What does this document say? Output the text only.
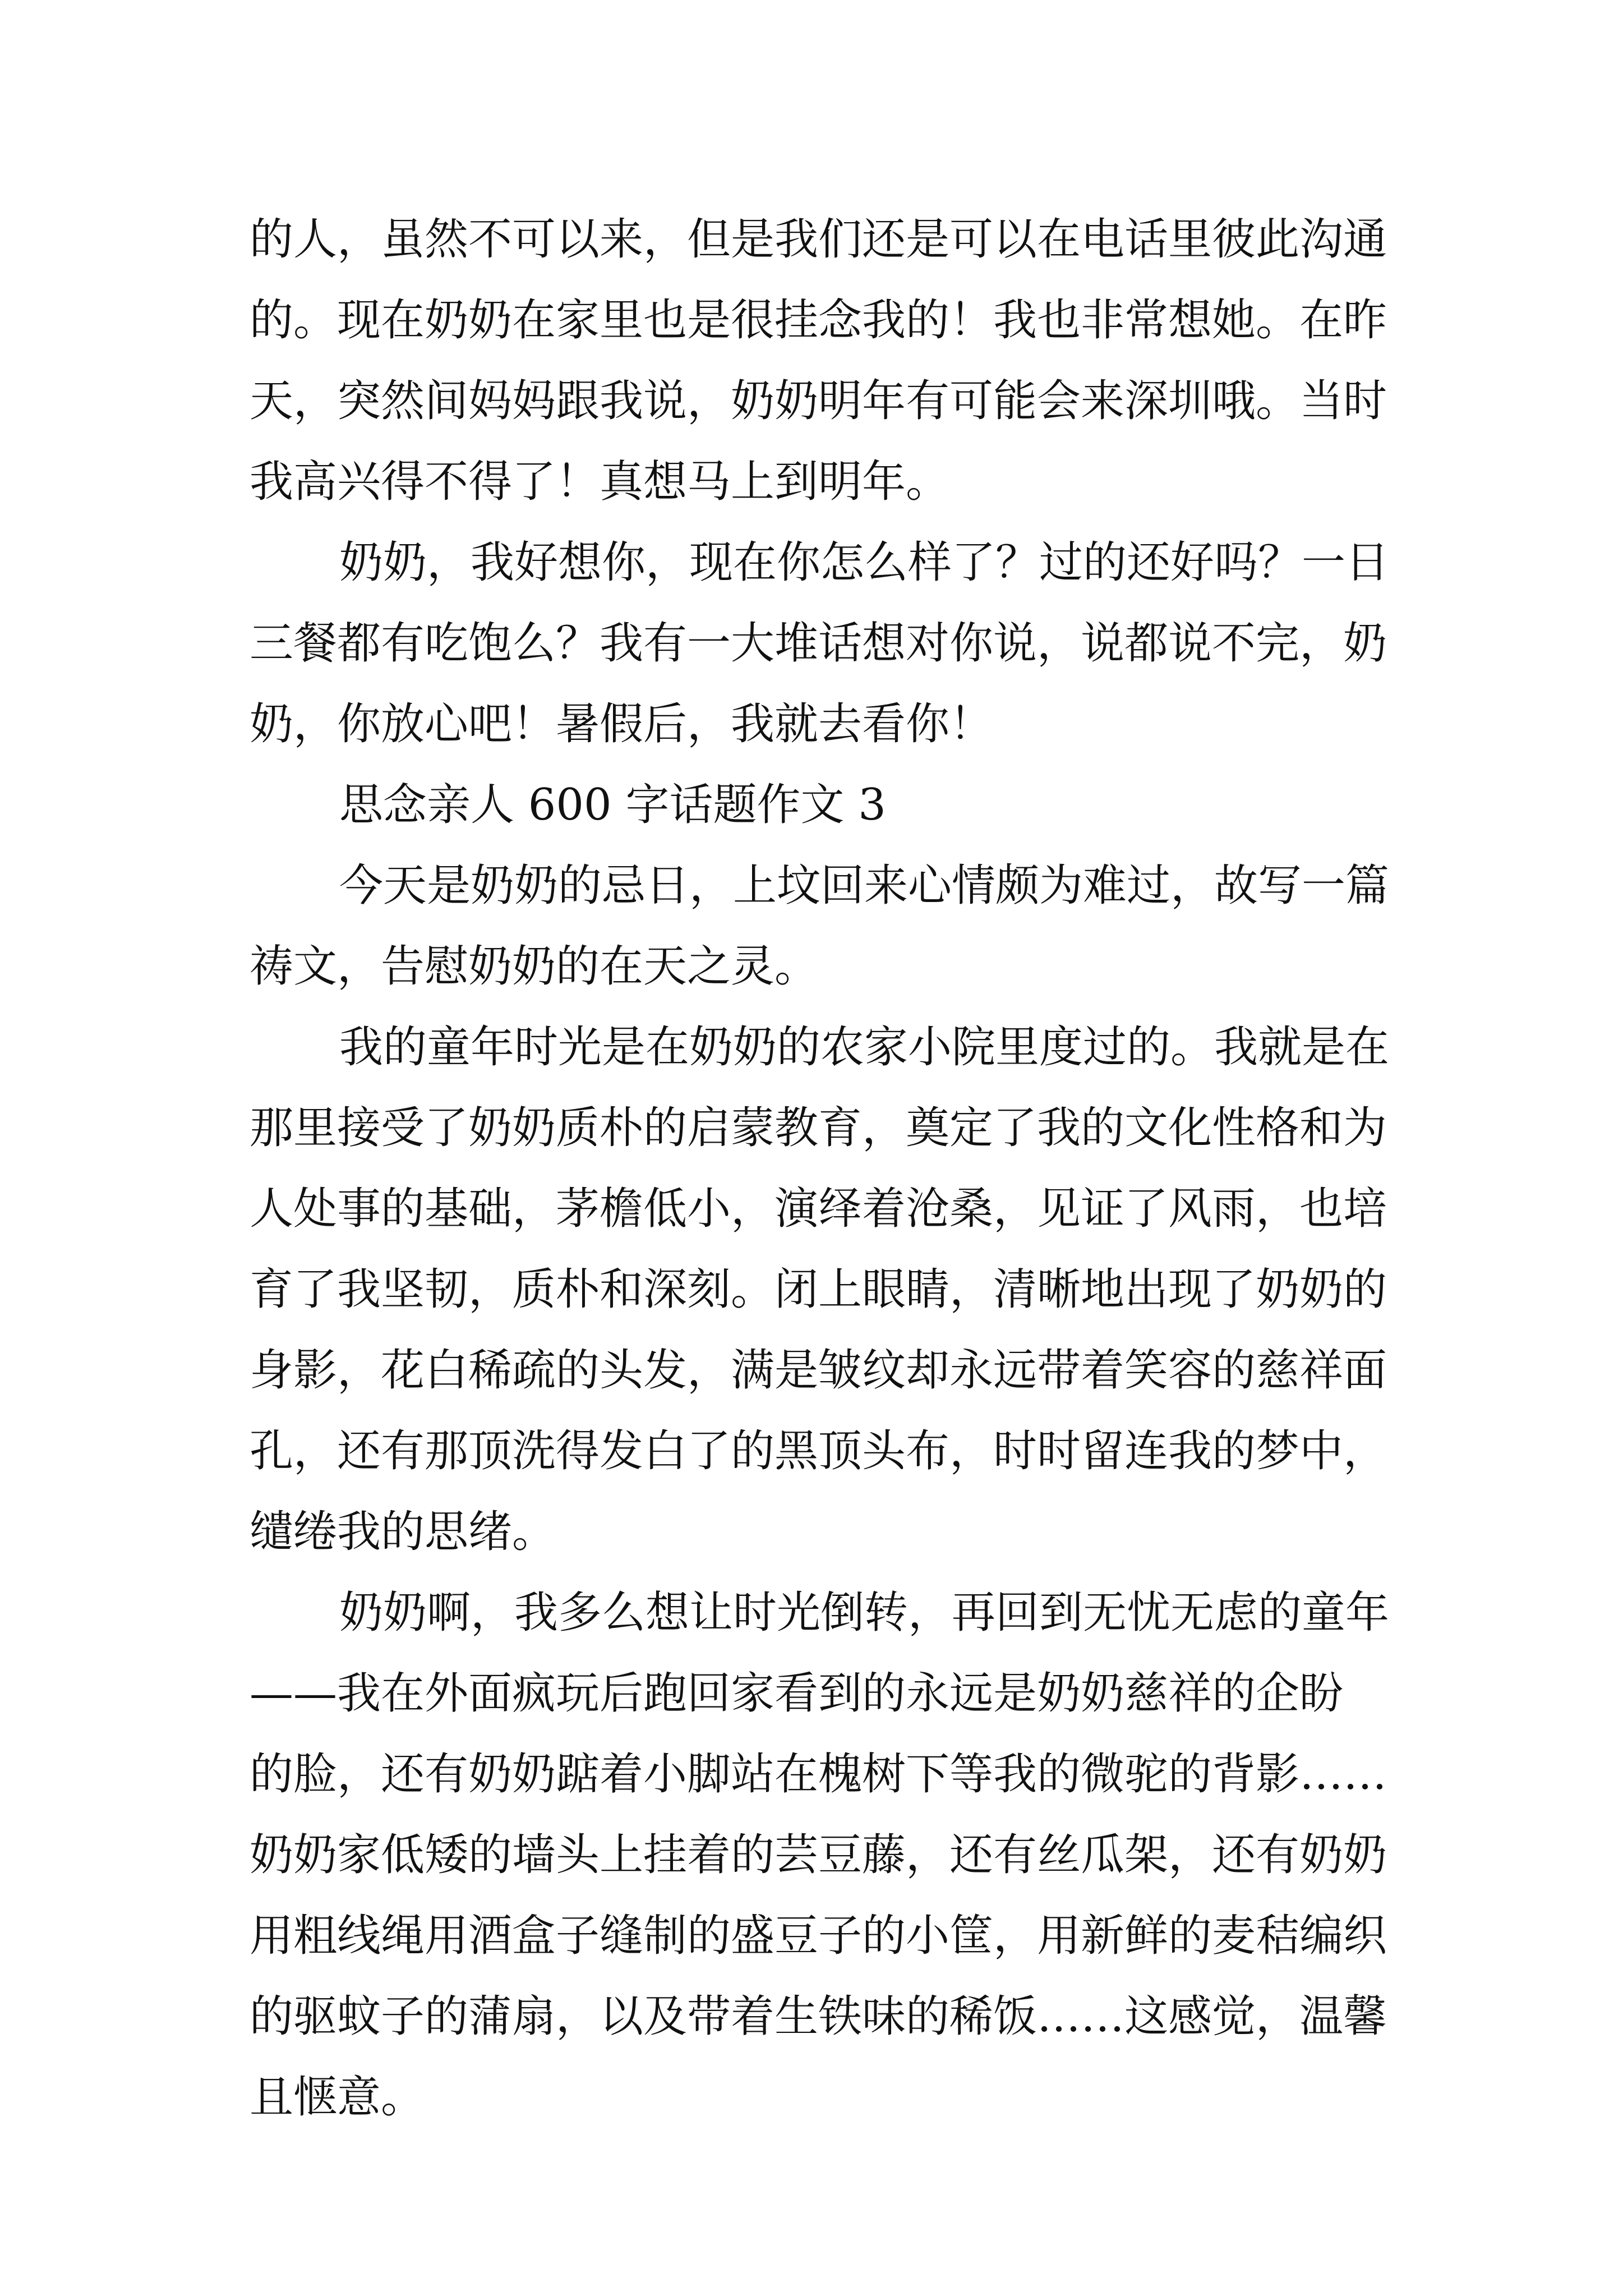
的人，虽然不可以来，但是我们还是可以在电话里彼此沟通
的。现在奶奶在家里也是很挂念我的！我也非常想她。在昨
天，突然间妈妈跟我说，奶奶明年有可能会来深圳哦。当时
我高兴得不得了！真想马上到明年。
奶奶，我好想你，现在你怎么样了？过的还好吗？一日
三餐都有吃饱么？我有一大堆话想对你说，说都说不完，奶
奶，你放心吧！暑假后，我就去看你！
思念亲人 600 字话题作文 3
今天是奶奶的忌日，上坟回来心情颇为难过，故写一篇
祷文，告慰奶奶的在天之灵。
我的童年时光是在奶奶的农家小院里度过的。我就是在
那里接受了奶奶质朴的启蒙教育，奠定了我的文化性格和为
人处事的基础，茅檐低小，演绎着沧桑，见证了风雨，也培
育了我坚韧，质朴和深刻。闭上眼睛，清晰地出现了奶奶的
身影，花白稀疏的头发，满是皱纹却永远带着笑容的慈祥面
孔，还有那顶洗得发白了的黑顶头布，时时留连我的梦中，
缱绻我的思绪。
奶奶啊，我多么想让时光倒转，再回到无忧无虑的童年
——我在外面疯玩后跑回家看到的永远是奶奶慈祥的企盼
的脸，还有奶奶踮着小脚站在槐树下等我的微驼的背影……
奶奶家低矮的墙头上挂着的芸豆藤，还有丝瓜架，还有奶奶
用粗线绳用酒盒子缝制的盛豆子的小筐，用新鲜的麦秸编织
的驱蚊子的蒲扇，以及带着生铁味的稀饭……这感觉，温馨
且惬意。
